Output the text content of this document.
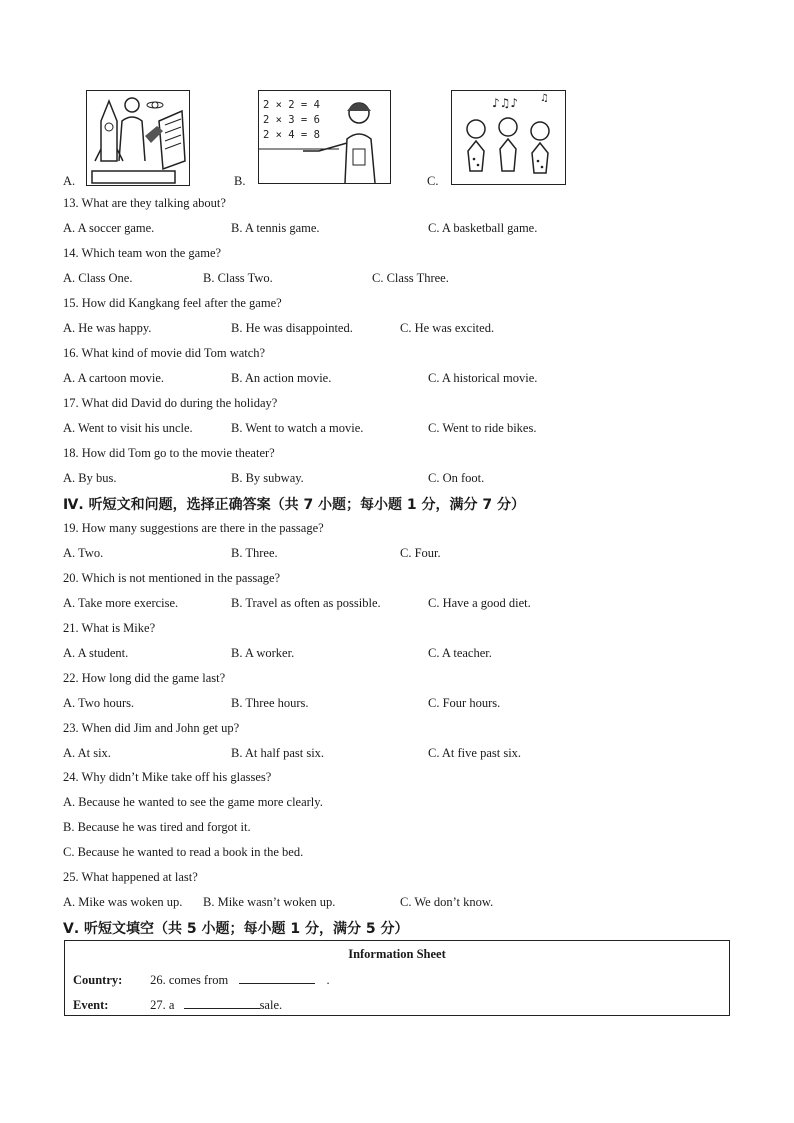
A.	B.
2 × 2 = 4
2 × 3 = 6
2 × 4 = 8
C.
♪♫♪ ♫
13. What are they talking about?
A. A soccer game.	B. A tennis game.	C. A basketball game.
14. Which team won the game?
A. Class One.	B. Class Two.	C. Class Three.
15. How did Kangkang feel after the game?
A. He was happy.	B. He was disappointed.	C. He was excited.
16. What kind of movie did Tom watch?
A. A cartoon movie.	B. An action movie.	C. A historical movie.
17. What did David do during the holiday?
A. Went to visit his uncle.	B. Went to watch a movie.	C. Went to ride bikes.
18. How did Tom go to the movie theater?
A. By bus.	B. By subway.	C. On foot.
Ⅳ. 听短文和问题，选择正确答案（共 7 小题；每小题 1 分，满分 7 分）
19. How many suggestions are there in the passage?
A. Two.	B. Three.	C. Four.
20. Which is not mentioned in the passage?
A. Take more exercise.	B. Travel as often as possible.	C. Have a good diet.
21. What is Mike?
A. A student.	B. A worker.	C. A teacher.
22. How long did the game last?
A. Two hours.	B. Three hours.	C. Four hours.
23. When did Jim and John get up?
A. At six.	B. At half past six.	C. At five past six.
24. Why didn’t Mike take off his glasses?
A. Because he wanted to see the game more clearly.
B. Because he was tired and forgot it.
C. Because he wanted to read a book in the bed.
25. What happened at last?
A. Mike was woken up. B. Mike wasn’t woken up.	C. We don’t know.
Ⅴ. 听短文填空（共 5 小题；每小题 1 分，满分 5 分）
Information Sheet
Country: 26. comes from	.
Event:	27. a	sale.
